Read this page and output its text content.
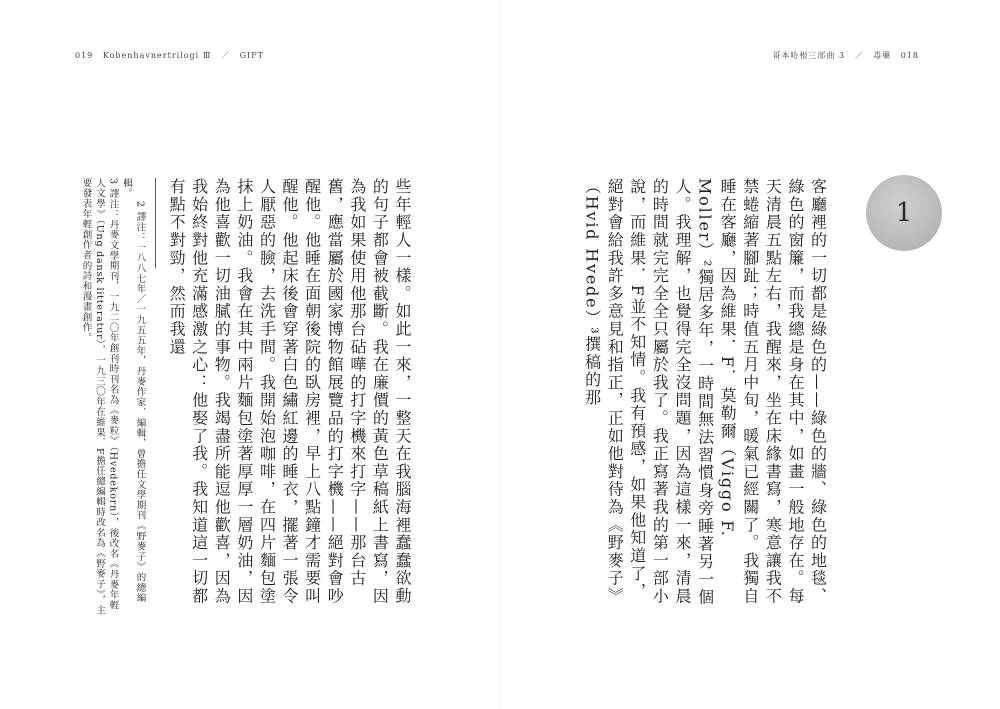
019 Kobenhavnertrilogi Ⅲ ／ GIFT	哥本哈根三部曲 3 ／ 毒藥 018
1
客廳裡的一切都是綠色的——綠色的牆、綠色的地毯、綠色的窗簾，而我總是身在其中，如畫一般地存在。每天清晨五點左右，我醒來，坐在床緣書寫，寒意讓我不禁蜷縮著腳趾；時值五月中旬，暖氣已經關了。我獨自睡在客廳，因為維果．F．莫勒爾（Viggo F. Moller）²獨居多年，一時間無法習慣身旁睡著另一個人。我理解，也覺得完全沒問題，因為這樣一來，清晨的時間就完完全全只屬於我了。我正寫著我的第一部小說，而維果．F並不知情。我有預感，如果他知道了，絕對會給我許多意見和指正，正如他對待為《野麥子》（Hvid Hvede）³撰稿的那
些年輕人一樣。如此一來，一整天在我腦海裡蠢蠢欲動的句子都會被截斷。我在廉價的黃色草稿紙上書寫，因為我如果使用他那台砧嘩的打字機來打字——那台古舊，應當屬於國家博物館展覽品的打字機——絕對會吵醒他。他睡在面朝後院的臥房裡，早上八點鐘才需要叫醒他。他起床後會穿著白色繡紅邊的睡衣，擺著一張令人厭惡的臉，去洗手間。我開始泡咖啡，在四片麵包塗抹上奶油。我會在其中兩片麵包塗著厚厚一層奶油，因為他喜歡一切油膩的事物。我竭盡所能逗他歡喜，因為我始終對他充滿感激之心：他娶了我。我知道這一切都有點不對勁，然而我還

2 譯注：一八八七年／一九五五年，丹麥作家、編輯，曾擔任文學期刊《野麥子》的總編輯。
3 譯注：丹麥文學期刊，一九二〇年創刊時刊名為《麥粒》（Hvedekorn），後改名《丹麥年輕人文學》（Ung dansk litteratur），一九三〇年在維果．F擔任總編輯時改名為《野麥子》，主要發表年輕創作者的詩和漫畫創作。
